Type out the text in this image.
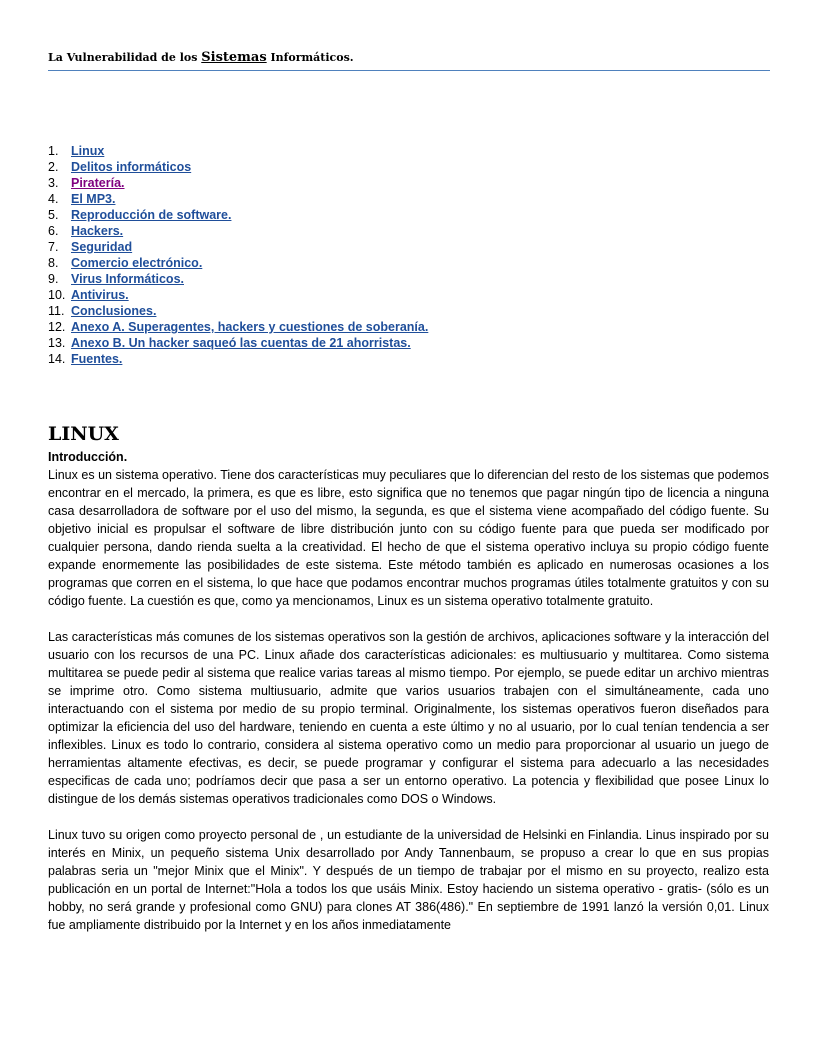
La Vulnerabilidad de los Sistemas Informáticos.
1.	Linux
2.	Delitos informáticos
3.	Piratería.
4.	El MP3.
5.	Reproducción de software.
6.	Hackers.
7.	Seguridad
8.	Comercio electrónico.
9.	Virus Informáticos.
10. Antivirus.
11. Conclusiones.
12. Anexo A. Superagentes, hackers y cuestiones de soberanía.
13. Anexo B. Un hacker saqueó las cuentas de 21 ahorristas.
14. Fuentes.
LINUX
Introducción.

Linux es un sistema operativo. Tiene dos características muy peculiares que lo diferencian del resto de los sistemas que podemos encontrar en el mercado, la primera, es que es libre, esto significa que no tenemos que pagar ningún tipo de licencia a ninguna casa desarrolladora de software por el uso del mismo, la segunda, es que el sistema viene acompañado del código fuente. Su objetivo inicial es propulsar el software de libre distribución junto con su código fuente para que pueda ser modificado por cualquier persona, dando rienda suelta a la creatividad. El hecho de que el sistema operativo incluya su propio código fuente expande enormemente las posibilidades de este sistema. Este método también es aplicado en numerosas ocasiones a los programas que corren en el sistema, lo que hace que podamos encontrar muchos programas útiles totalmente gratuitos y con su código fuente. La cuestión es que, como ya mencionamos, Linux es un sistema operativo totalmente gratuito.

Las características más comunes de los sistemas operativos son la gestión de archivos, aplicaciones software y la interacción del usuario con los recursos de una PC. Linux añade dos características adicionales: es multiusuario y multitarea. Como sistema multitarea se puede pedir al sistema que realice varias tareas al mismo tiempo. Por ejemplo, se puede editar un archivo mientras se imprime otro. Como sistema multiusuario, admite que varios usuarios trabajen con el simultáneamente, cada uno interactuando con el sistema por medio de su propio terminal. Originalmente, los sistemas operativos fueron diseñados para optimizar la eficiencia del uso del hardware, teniendo en cuenta a este último y no al usuario, por lo cual tenían tendencia a ser inflexibles. Linux es todo lo contrario, considera al sistema operativo como un medio para proporcionar al usuario un juego de herramientas altamente efectivas, es decir, se puede programar y configurar el sistema para adecuarlo a las necesidades especificas de cada uno; podríamos decir que pasa a ser un entorno operativo. La potencia y flexibilidad que posee Linux lo distingue de los demás sistemas operativos tradicionales como DOS o Windows.

Linux tuvo su origen como proyecto personal de , un estudiante de la universidad de Helsinki en Finlandia. Linus inspirado por su interés en Minix, un pequeño sistema Unix desarrollado por Andy Tannenbaum, se propuso a crear lo que en sus propias palabras seria un "mejor Minix que el Minix". Y después de un tiempo de trabajar por el mismo en su proyecto, realizo esta publicación en un portal de Internet:"Hola a todos los que usáis Minix. Estoy haciendo un sistema operativo - gratis- (sólo es un hobby, no será grande y profesional como GNU) para clones AT 386(486)." En septiembre de 1991 lanzó la versión 0,01. Linux fue ampliamente distribuido por la Internet y en los años inmediatamente
